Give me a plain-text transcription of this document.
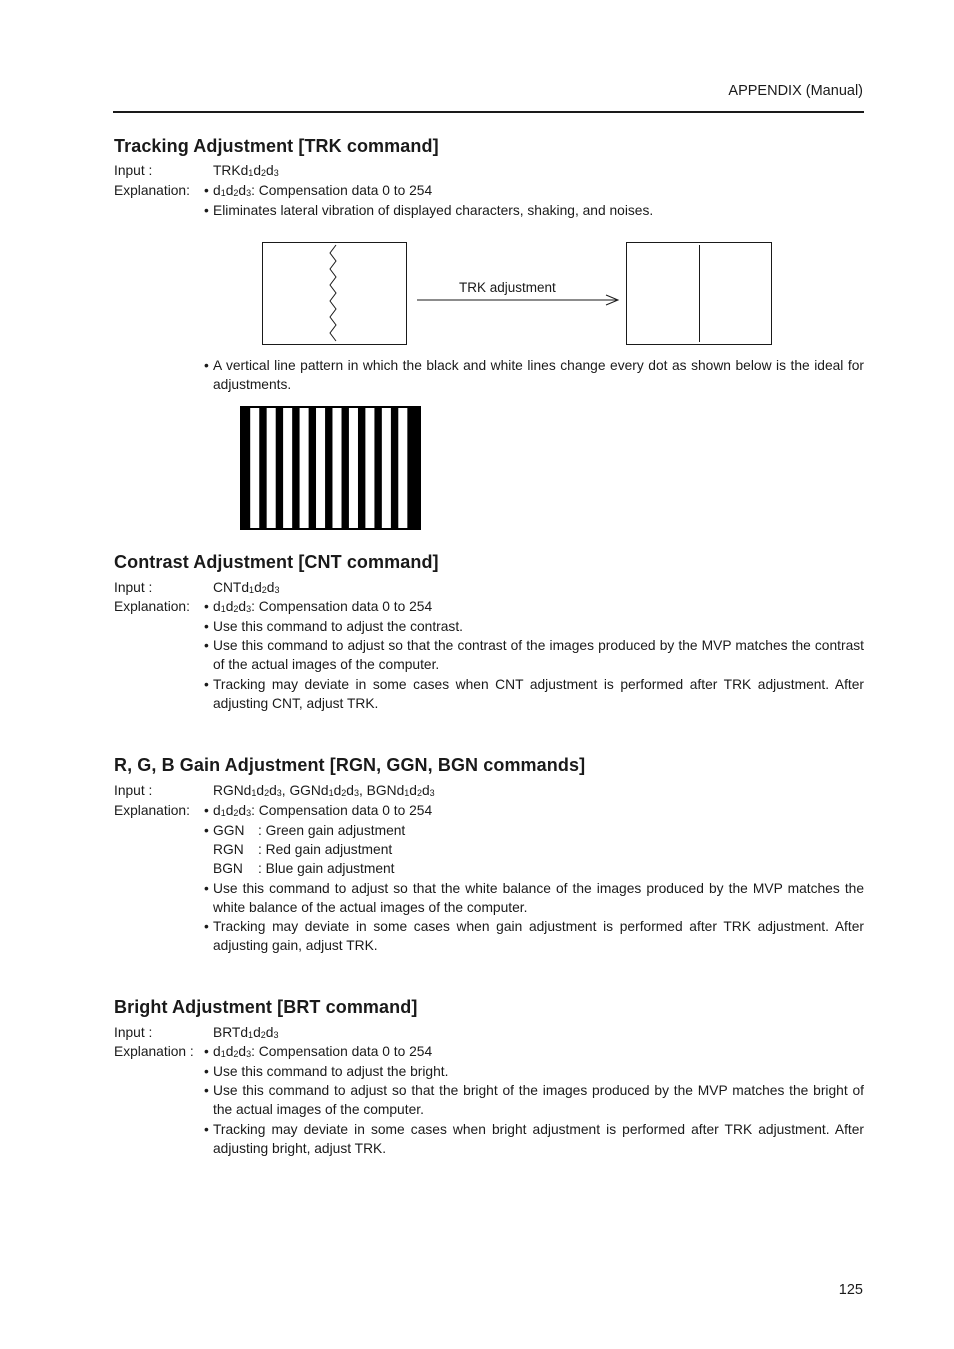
APPENDIX (Manual)
Tracking Adjustment [TRK command]
Input :	TRKd1d2d3
Explanation: • d1d2d3: Compensation data 0 to 254
• Eliminates lateral vibration of displayed characters, shaking, and noises.
TRK adjustment
• A vertical line pattern in which the black and white lines change every dot as shown below is the ideal for adjustments.
Contrast Adjustment [CNT command]
Input :	CNTd1d2d3
Explanation: • d1d2d3: Compensation data 0 to 254
• Use this command to adjust the contrast.
• Use this command to adjust so that the contrast of the images produced by the MVP matches the contrast of the actual images of the computer.
• Tracking may deviate in some cases when CNT adjustment is performed after TRK adjustment. After adjusting CNT, adjust TRK.
R, G, B Gain Adjustment [RGN, GGN, BGN commands]
Input :	RGNd1d2d3, GGNd1d2d3, BGNd1d2d3
Explanation: • d1d2d3: Compensation data 0 to 254
• GGN : Green gain adjustment
RGN	: Red gain adjustment
BGN	: Blue gain adjustment
• Use this command to adjust so that the white balance of the images produced by the MVP matches the white balance of the actual images of the computer.
• Tracking may deviate in some cases when gain adjustment is performed after TRK adjustment. After adjusting gain, adjust TRK.
Bright Adjustment [BRT command]
Input :	BRTd1d2d3
Explanation : • d1d2d3: Compensation data 0 to 254
• Use this command to adjust the bright.
• Use this command to adjust so that the bright of the images produced by the MVP matches the bright of the actual images of the computer.
• Tracking may deviate in some cases when bright adjustment is performed after TRK adjustment. After adjusting bright, adjust TRK.
125
